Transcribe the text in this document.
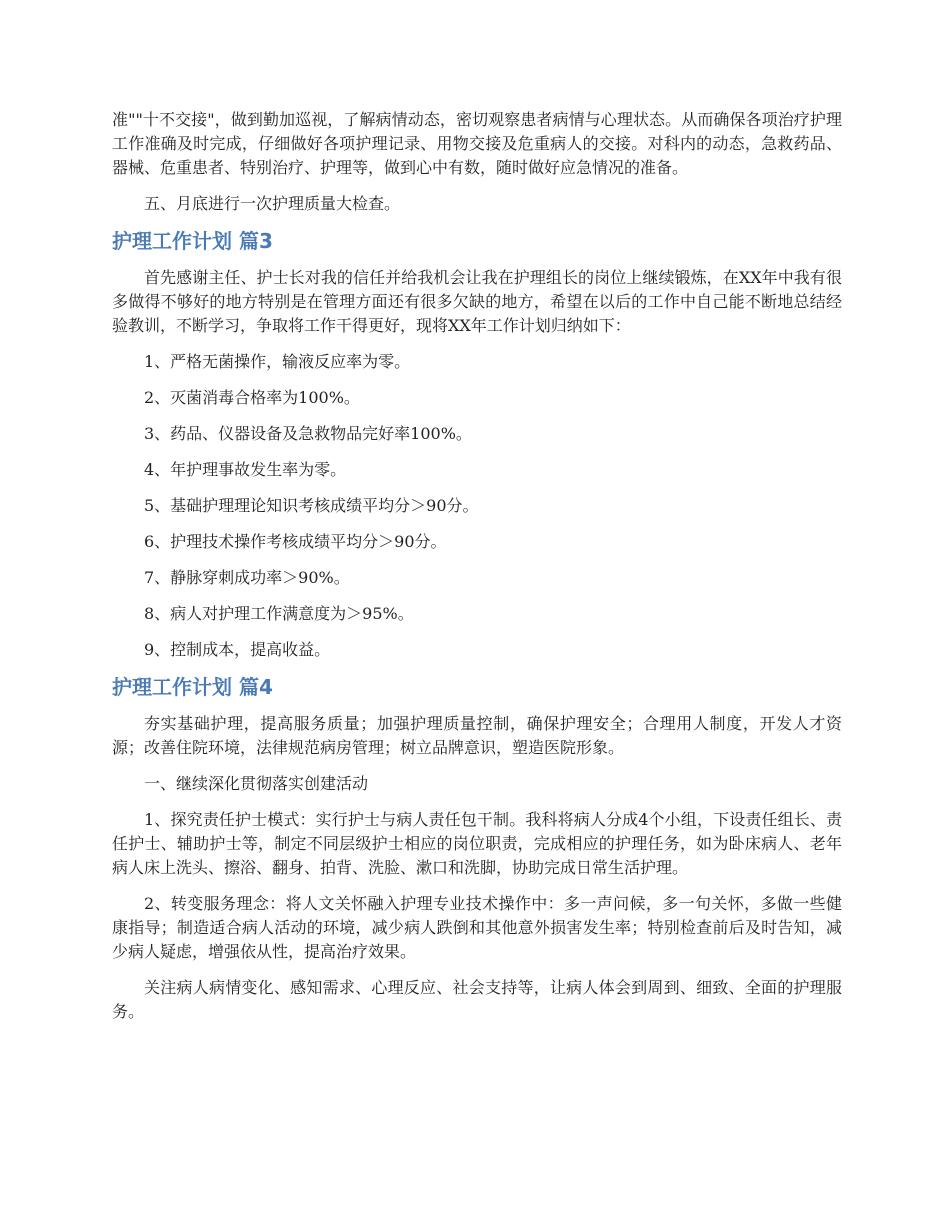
准""十不交接"，做到勤加巡视，了解病情动态，密切观察患者病情与心理状态。从而确保各项治疗护理工作准确及时完成，仔细做好各项护理记录、用物交接及危重病人的交接。对科内的动态，急救药品、器械、危重患者、特别治疗、护理等，做到心中有数，随时做好应急情况的准备。

五、月底进行一次护理质量大检查。

护理工作计划 篇3

首先感谢主任、护士长对我的信任并给我机会让我在护理组长的岗位上继续锻炼，在XX年中我有很多做得不够好的地方特别是在管理方面还有很多欠缺的地方，希望在以后的工作中自己能不断地总结经验教训，不断学习，争取将工作干得更好，现将XX年工作计划归纳如下：

1、严格无菌操作，输液反应率为零。

2、灭菌消毒合格率为100%。

3、药品、仪器设备及急救物品完好率100%。

4、年护理事故发生率为零。

5、基础护理理论知识考核成绩平均分＞90分。

6、护理技术操作考核成绩平均分＞90分。

7、静脉穿刺成功率＞90%。

8、病人对护理工作满意度为＞95%。

9、控制成本，提高收益。

护理工作计划 篇4

夯实基础护理，提高服务质量；加强护理质量控制，确保护理安全；合理用人制度，开发人才资源；改善住院环境，法律规范病房管理；树立品牌意识，塑造医院形象。

一、继续深化贯彻落实创建活动

1、探究责任护士模式：实行护士与病人责任包干制。我科将病人分成4个小组，下设责任组长、责任护士、辅助护士等，制定不同层级护士相应的岗位职责，完成相应的护理任务，如为卧床病人、老年病人床上洗头、擦浴、翻身、拍背、洗脸、漱口和洗脚，协助完成日常生活护理。

2、转变服务理念：将人文关怀融入护理专业技术操作中：多一声问候，多一句关怀，多做一些健康指导；制造适合病人活动的环境，减少病人跌倒和其他意外损害发生率；特别检查前后及时告知，减少病人疑虑，增强依从性，提高治疗效果。

关注病人病情变化、感知需求、心理反应、社会支持等，让病人体会到周到、细致、全面的护理服务。
